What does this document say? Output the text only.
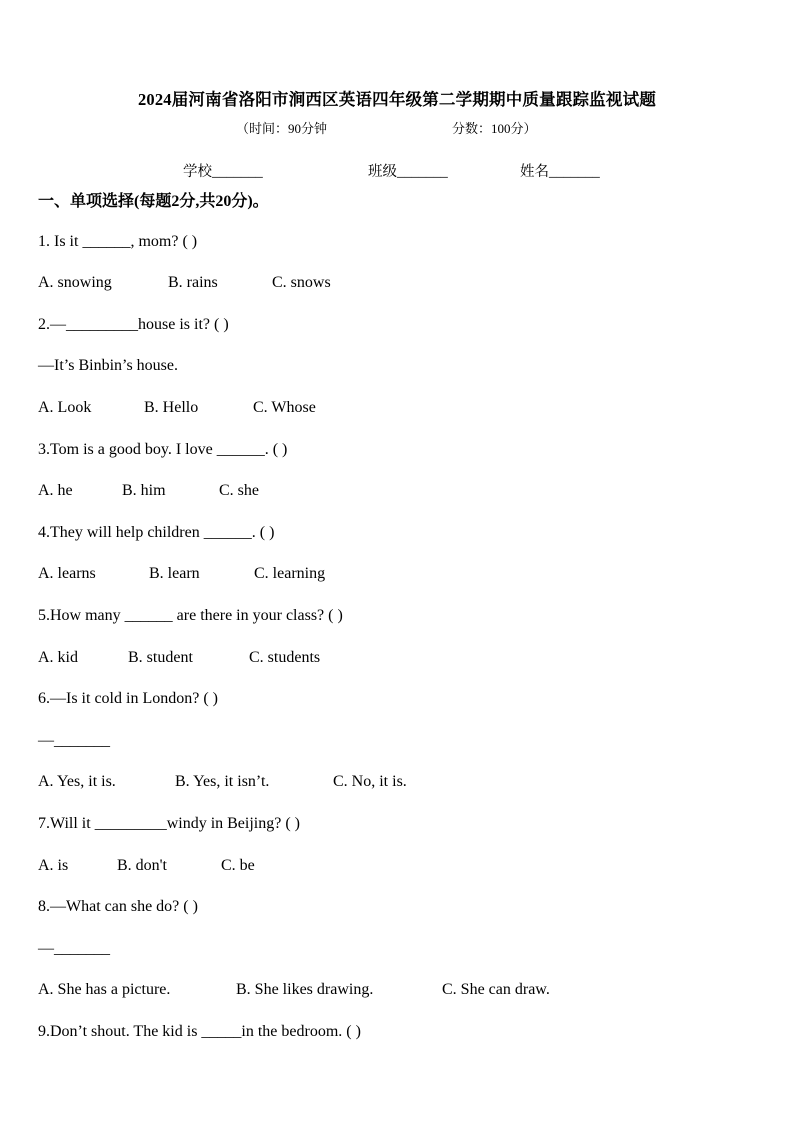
2024届河南省洛阳市涧西区英语四年级第二学期期中质量跟踪监视试题
（时间：90分钟	分数：100分）
学校_______	班级_______	姓名_______
一、单项选择(每题2分,共20分)。
1. Is it ______, mom? ( )
A. snowing	B. rains	C. snows
2.—_________house is it? ( )
—It’s Binbin’s house.
A. Look	B. Hello	C. Whose
3.Tom is a good boy. I love ______. ( )
A. he	B. him	C. she
4.They will help children ______. ( )
A. learns	B. learn	C. learning
5.How many ______ are there in your class? ( )
A. kid	B. student	C. students
6.—Is it cold in London? ( )
—_______
A. Yes, it is.	B. Yes, it isn’t.	C. No, it is.
7.Will it _________windy in Beijing? ( )
A. is	B. don't	C. be
8.—What can she do? ( )
—_______
A. She has a picture.	B. She likes drawing.	C. She can draw.
9.Don’t shout. The kid is _____in the bedroom. ( )
